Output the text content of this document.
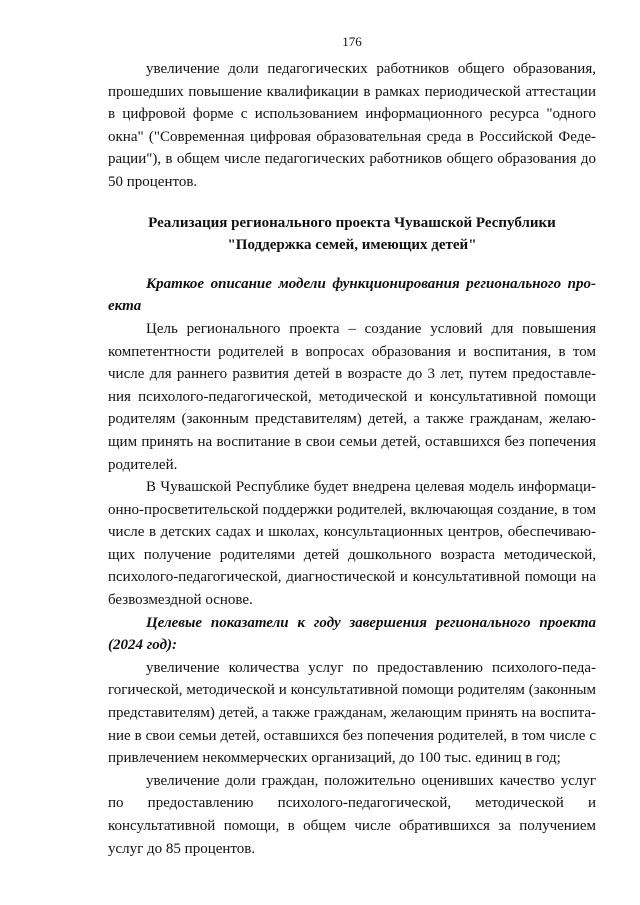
176

увеличение доли педагогических работников общего образования, прошедших повышение квалификации в рамках периодической аттестации в цифровой форме с использованием информационного ресурса "одного окна" ("Современная цифровая образовательная среда в Российской Федерации"), в общем числе педагогических работников общего образования до 50 процентов.

Реализация регионального проекта Чувашской Республики
"Поддержка семей, имеющих детей"

Краткое описание модели функционирования регионального проекта

Цель регионального проекта – создание условий для повышения компетентности родителей в вопросах образования и воспитания, в том числе для раннего развития детей в возрасте до 3 лет, путем предоставления психолого-педагогической, методической и консультативной помощи родителям (законным представителям) детей, а также гражданам, желающим принять на воспитание в свои семьи детей, оставшихся без попечения родителей.

В Чувашской Республике будет внедрена целевая модель информационно-просветительской поддержки родителей, включающая создание, в том числе в детских садах и школах, консультационных центров, обеспечивающих получение родителями детей дошкольного возраста методической, психолого-педагогической, диагностической и консультативной помощи на безвозмездной основе.

Целевые показатели к году завершения регионального проекта (2024 год):

увеличение количества услуг по предоставлению психолого-педагогической, методической и консультативной помощи родителям (законным представителям) детей, а также гражданам, желающим принять на воспитание в свои семьи детей, оставшихся без попечения родителей, в том числе с привлечением некоммерческих организаций, до 100 тыс. единиц в год;

увеличение доли граждан, положительно оценивших качество услуг по предоставлению психолого-педагогической, методической и консультативной помощи, в общем числе обратившихся за получением услуг до 85 процентов.
